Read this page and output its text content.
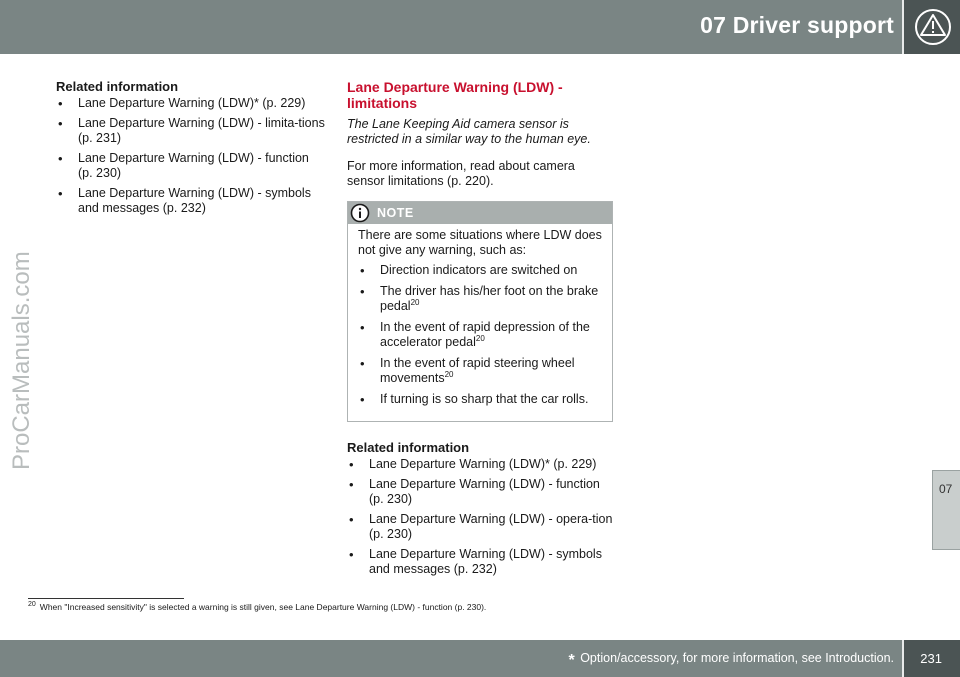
07 Driver support
07
ProCarManuals.com
Related information
• Lane Departure Warning (LDW)* (p. 229)
• Lane Departure Warning (LDW) - limita-tions (p. 231)
• Lane Departure Warning (LDW) - function (p. 230)
• Lane Departure Warning (LDW) - symbols and messages (p. 232)
Lane Departure Warning (LDW) - limitations

The Lane Keeping Aid camera sensor is restricted in a similar way to the human eye.

For more information, read about camera sensor limitations (p. 220).

NOTE

There are some situations where LDW does not give any warning, such as:

• Direction indicators are switched on
• The driver has his/her foot on the brake pedal$^{20}$
• In the event of rapid depression of the accelerator pedal$^{20}$
• In the event of rapid steering wheel movements$^{20}$
• If turning is so sharp that the car rolls.
Related information
• Lane Departure Warning (LDW)* (p. 229)
• Lane Departure Warning (LDW) - function (p. 230)
• Lane Departure Warning (LDW) - opera-tion (p. 230)
• Lane Departure Warning (LDW) - symbols and messages (p. 232)
$^{20}$ When "Increased sensitivity" is selected a warning is still given, see Lane Departure Warning (LDW) - function (p. 230).
* Option/accessory, for more information, see Introduction. 231
